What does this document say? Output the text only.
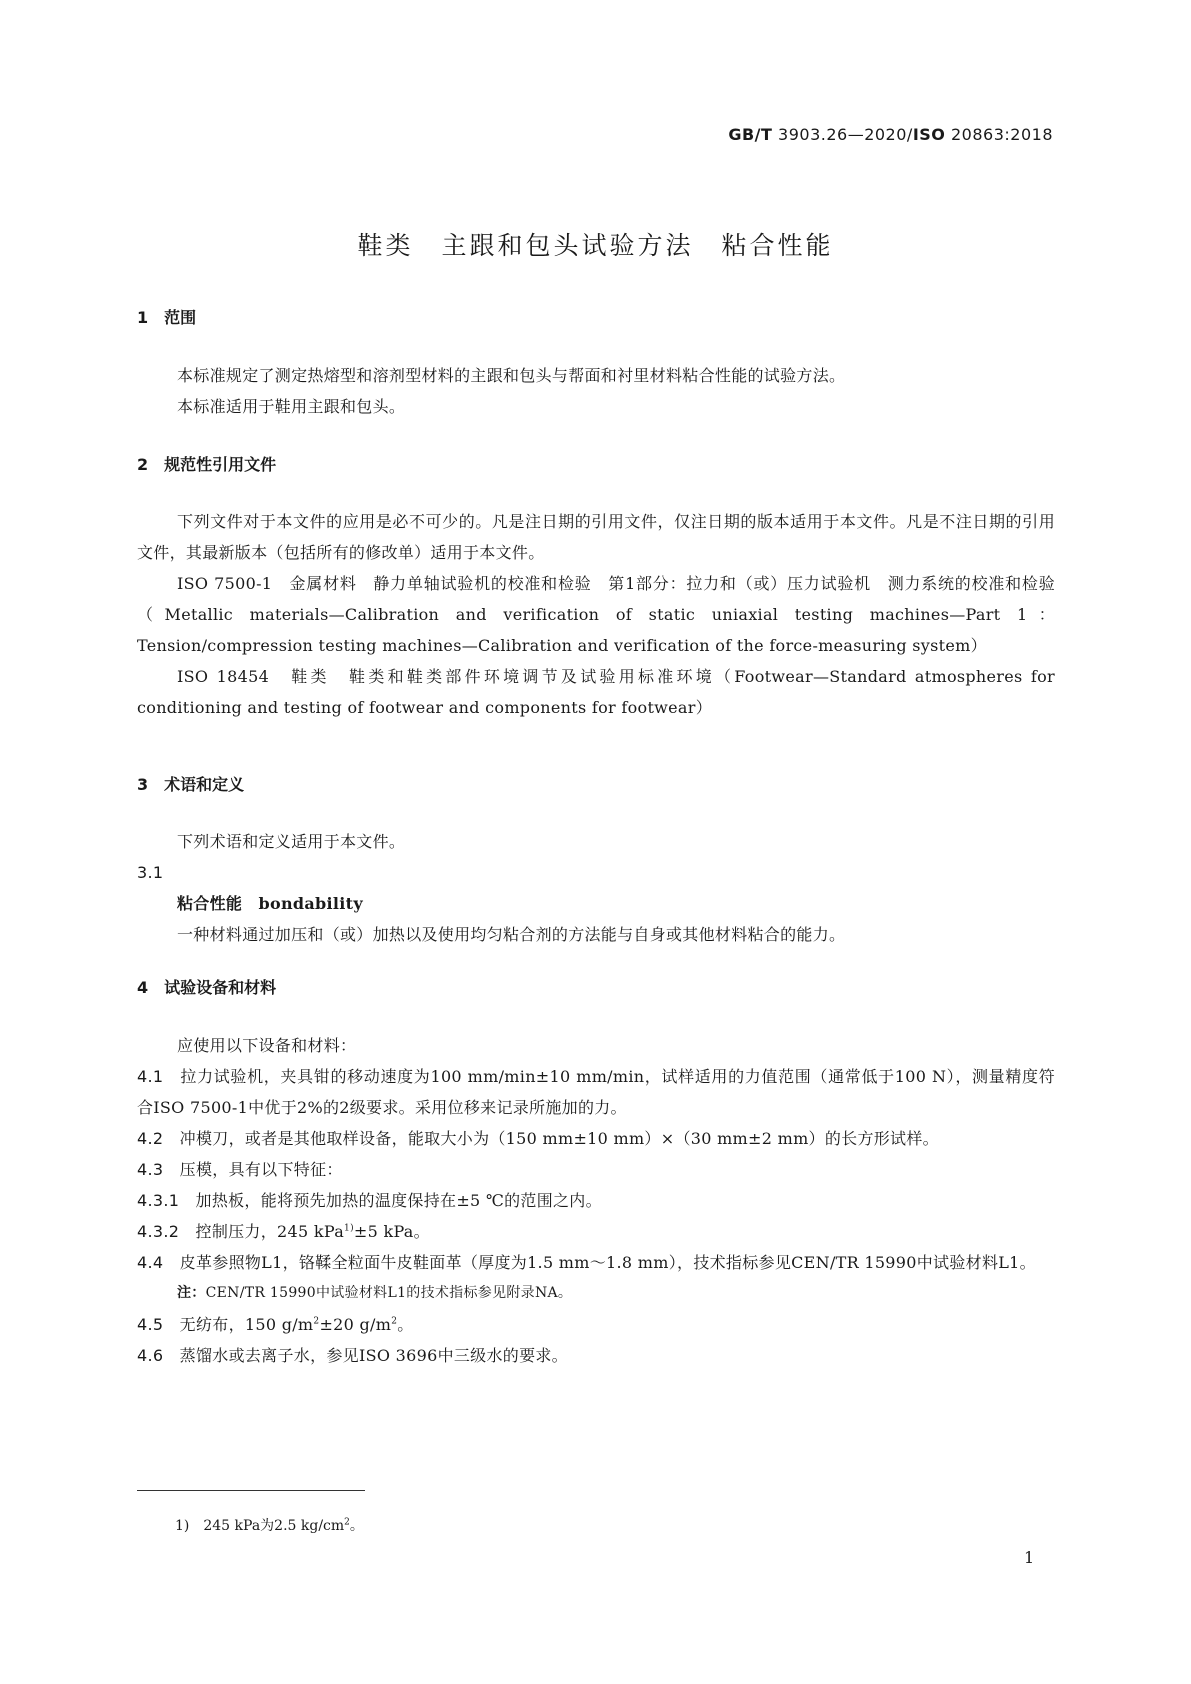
GB/T 3903.26—2020/ISO 20863:2018
鞋类　主跟和包头试验方法　粘合性能
1　范围

本标准规定了测定热熔型和溶剂型材料的主跟和包头与帮面和衬里材料粘合性能的试验方法。

本标准适用于鞋用主跟和包头。

2　规范性引用文件

下列文件对于本文件的应用是必不可少的。凡是注日期的引用文件，仅注日期的版本适用于本文件。凡是不注日期的引用文件，其最新版本（包括所有的修改单）适用于本文件。

ISO 7500-1　金属材料　静力单轴试验机的校准和检验　第1部分：拉力和（或）压力试验机　测力系统的校准和检验（Metallic materials—Calibration and verification of static uniaxial testing machines—Part 1：Tension/compression testing machines—Calibration and verification of the force-measuring system）

ISO 18454　鞋类　鞋类和鞋类部件环境调节及试验用标准环境（Footwear—Standard atmospheres for conditioning and testing of footwear and components for footwear）

3　术语和定义

下列术语和定义适用于本文件。

3.1

粘合性能　 bondability

一种材料通过加压和（或）加热以及使用均匀粘合剂的方法能与自身或其他材料粘合的能力。

4　试验设备和材料

应使用以下设备和材料：

4.1　 拉力试验机，夹具钳的移动速度为100 mm/min±10 mm/min，试样适用的力值范围（通常低于100 N），测量精度符合ISO 7500-1中优于2%的2级要求。采用位移来记录所施加的力。

4.2　 冲模刀，或者是其他取样设备，能取大小为（150 mm±10 mm）×（30 mm±2 mm）的长方形试样。

4.3　 压模，具有以下特征：

4.3.1　 加热板，能将预先加热的温度保持在±5 ℃的范围之内。

4.3.2　 控制压力，245 kPa$^{1)}$±5 kPa。

4.4　 皮革参照物L1，铬鞣全粒面牛皮鞋面革（厚度为1.5 mm～1.8 mm），技术指标参见CEN/TR 15990中试验材料L1。

注：CEN/TR 15990中试验材料L1的技术指标参见附录NA。

4.5　 无纺布，150 $g/m^2\pm 20$ $g/m^2$。

4.6　 蒸馏水或去离子水，参见ISO 3696中三级水的要求。

1)　245 kPa为2.5 $kg/cm^2$。
1
